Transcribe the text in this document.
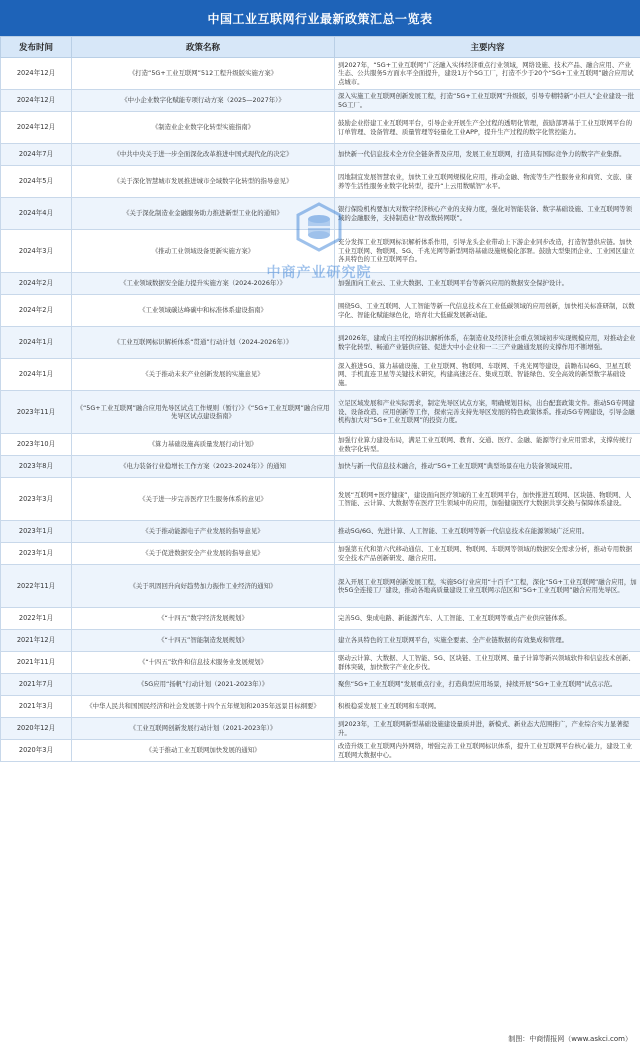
中国工业互联网行业最新政策汇总一览表
发布时间	政策名称	主要内容
2024年12月	《打造“5G+工业互联网”512工程升级版实施方案》	到2027年，“5G+工业互联网”广泛融入实体经济重点行业领域，网络设施、技术产品、融合应用、产业生态、公共服务5方面水平全面提升，建设1万个5G工厂，打造不少于20个“5G+工业互联网”融合应用试点城市。
2024年12月	《中小企业数字化赋能专项行动方案（2025—2027年）》	深入实施工业互联网创新发展工程，打造“5G+工业互联网”升级版，引导专精特新“小巨人”企业建设一批5G工厂。
2024年12月	《制造业企业数字化转型实施指南》	鼓励企业搭建工业互联网平台，引导企业开展生产全过程的透明化管理，鼓励部署基于工业互联网平台的订单管理、设备管理、质量管理等轻量化工业APP，提升生产过程的数字化管控能力。
2024年7月	《中共中央关于进一步全面深化改革推进中国式现代化的决定》	加快新一代信息技术全方位全链条普及应用，发展工业互联网，打造具有国际竞争力的数字产业集群。
2024年5月	《关于深化智慧城市发展推进城市全域数字化转型的指导意见》	因地制宜发展智慧农业，加快工业互联网规模化应用，推动金融、物流等生产性服务业和商贸、文旅、康养等生活性服务业数字化转型，提升“上云用数赋智”水平。
2024年4月	《关于深化制造业金融服务助力推进新型工业化的通知》	银行保险机构要加大对数字经济核心产业的支持力度，强化对智能装备、数字基础设施、工业互联网等领域的金融服务，支持制造业“智改数转网联”。
2024年3月	《推动工业领域设备更新实施方案》	充分发挥工业互联网标识解析体系作用，引导龙头企业带动上下游企业同步改造，打造智慧供应链。加快工业互联网、物联网、5G、千兆光网等新型网络基础设施规模化部署。鼓励大型集团企业、工业园区建立各具特色的工业互联网平台。
2024年2月	《工业领域数据安全能力提升实施方案（2024-2026年）》	加强面向工业云、工业大数据、工业互联网平台等新兴应用的数据安全保护设计。
2024年2月	《工业领域碳达峰碳中和标准体系建设指南》	围绕5G、工业互联网、人工智能等新一代信息技术在工业低碳领域的应用创新，加快相关标准研制，以数字化、智能化赋能绿色化，培育壮大低碳发展新动能。
2024年1月	《工业互联网标识解析体系“贯通”行动计划（2024-2026年）》	到2026年，建成自主可控的标识解析体系，在制造业及经济社会重点领域初步实现规模应用，对推动企业数字化转型、畅通产业链供应链、促进大中小企业和一二三产业融通发展的支撑作用不断增强。
2024年1月	《关于推动未来产业创新发展的实施意见》	深入推进5G、算力基础设施、工业互联网、物联网、车联网、千兆光网等建设，前瞻布局6G、卫星互联网、手机直连卫星等关键技术研究，构建高速泛在、集成互联、智能绿色、安全高效的新型数字基础设施。
2023年11月	《“5G+工业互联网”融合应用先导区试点工作规则（暂行）》《“5G+工业互联网”融合应用先导区试点建设指南》	立足区域发展和产业实际需求，制定先导区试点方案，明确规划目标，出台配套政策文件。推动5G专网建设、设备改造、应用创新等工作，探索完善支持先导区发展的特色政策体系。推动5G专网建设，引导金融机构加大对“5G+工业互联网”的投资力度。
2023年10月	《算力基础设施高质量发展行动计划》	加强行业算力建设布局，满足工业互联网、教育、交通、医疗、金融、能源等行业应用需求，支撑传统行业数字化转型。
2023年8月	《电力装备行业稳增长工作方案（2023-2024年）》的通知	加快与新一代信息技术融合，推动“5G+工业互联网”典型场景在电力装备领域应用。
2023年3月	《关于进一步完善医疗卫生服务体系的意见》	发展“互联网+医疗健康”，建设面向医疗领域的工业互联网平台，加快推进互联网、区块链、物联网、人工智能、云计算、大数据等在医疗卫生领域中的应用，加强健康医疗大数据共享交换与保障体系建设。
2023年1月	《关于推动能源电子产业发展的指导意见》	推动5G/6G、先进计算、人工智能、工业互联网等新一代信息技术在能源领域广泛应用。
2023年1月	《关于促进数据安全产业发展的指导意见》	加强第五代和第六代移动通信、工业互联网、物联网、车联网等领域的数据安全需求分析，推动专用数据安全技术产品创新研发、融合应用。
2022年11月	《关于巩固回升向好趋势加力振作工业经济的通知》	深入开展工业互联网创新发展工程，实施5G行业应用“十百千”工程，深化“5G+工业互联网”融合应用，加快5G全连接工厂建设，推动各地高质量建设工业互联网示范区和“5G+工业互联网”融合应用先导区。
2022年1月	《“十四五”数字经济发展规划》	完善5G、集成电路、新能源汽车、人工智能、工业互联网等重点产业供应链体系。
2021年12月	《“十四五”智能制造发展规划》	建立各具特色的工业互联网平台，实施全要素、全产业链数据的有效集成和管理。
2021年11月	《“十四五”软件和信息技术服务业发展规划》	驱动云计算、大数据、人工智能、5G、区块链、工业互联网、量子计算等新兴领域软件和信息技术创新、群体突破，加快数字产业化步伐。
2021年7月	《5G应用“扬帆”行动计划（2021-2023年）》	聚焦“5G+工业互联网”发展重点行业，打造典型应用场景，持续开展“5G+工业互联网”试点示范。
2021年3月	《中华人民共和国国民经济和社会发展第十四个五年规划和2035年远景目标纲要》	积极稳妥发展工业互联网和车联网。
2020年12月	《工业互联网创新发展行动计划（2021-2023年）》	到2023年，工业互联网新型基础设施建设量质并进，新模式、新业态大范围推广，产业综合实力显著提升。
2020年3月	《关于推动工业互联网加快发展的通知》	改造升级工业互联网内外网络，增强完善工业互联网标识体系，提升工业互联网平台核心能力，建设工业互联网大数据中心。
中商产业研究院
制图：中商情报网（www.askci.com）
